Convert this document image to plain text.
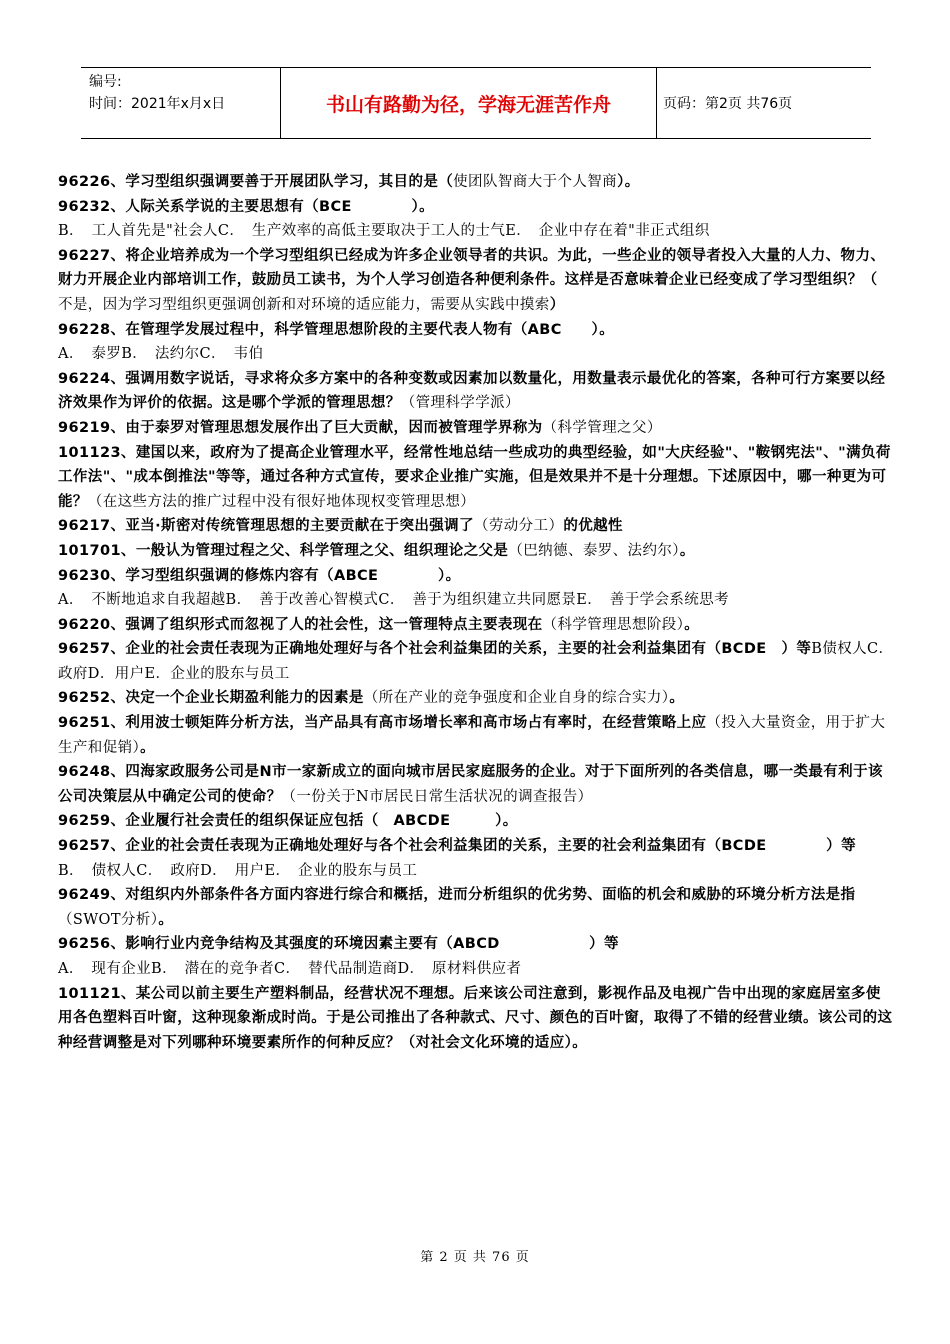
编号:
时间：2021年x月x日	书山有路勤为径，学海无涯苦作舟	页码：第2页 共76页

96226、学习型组织强调要善于开展团队学习，其目的是（使团队智商大于个人智商）。

96232、人际关系学说的主要思想有（BCE　　　　）。

B．　工人首先是"社会人C．　生产效率的高低主要取决于工人的士气E．　企业中存在着"非正式组织

96227、将企业培养成为一个学习型组织已经成为许多企业领导者的共识。为此，一些企业的领导者投入大量的人力、物力、财力开展企业内部培训工作，鼓励员工读书，为个人学习创造各种便利条件。这样是否意味着企业已经变成了学习型组织？（　不是，因为学习型组织更强调创新和对环境的适应能力，需要从实践中摸索）

96228、在管理学发展过程中，科学管理思想阶段的主要代表人物有（ABC　　）。

A．　泰罗B．　法约尔C．　韦伯

96224、强调用数字说话，寻求将众多方案中的各种变数或因素加以数量化，用数量表示最优化的答案，各种可行方案要以经济效果作为评价的依据。这是哪个学派的管理思想？（管理科学学派）

96219、由于泰罗对管理思想发展作出了巨大贡献，因而被管理学界称为（科学管理之父）

101123、建国以来，政府为了提高企业管理水平，经常性地总结一些成功的典型经验，如"大庆经验"、"鞍钢宪法"、"满负荷工作法"、"成本倒推法"等等，通过各种方式宣传，要求企业推广实施，但是效果并不是十分理想。下述原因中，哪一种更为可能？（在这些方法的推广过程中没有很好地体现权变管理思想）

96217、亚当·斯密对传统管理思想的主要贡献在于突出强调了（劳动分工）的优越性

101701、一般认为管理过程之父、科学管理之父、组织理论之父是（巴纳德、泰罗、法约尔）。

96230、学习型组织强调的修炼内容有（ABCE　　　　）。

A．　不断地追求自我超越B．　善于改善心智模式C．　善于为组织建立共同愿景E．　善于学会系统思考

96220、强调了组织形式而忽视了人的社会性，这一管理特点主要表现在（科学管理思想阶段）。

96257、企业的社会责任表现为正确地处理好与各个社会利益集团的关系，主要的社会利益集团有（BCDE　）等B债权人C．政府D．用户E．企业的股东与员工

96252、决定一个企业长期盈利能力的因素是（所在产业的竞争强度和企业自身的综合实力）。

96251、利用波士顿矩阵分析方法，当产品具有高市场增长率和高市场占有率时，在经营策略上应（投入大量资金，用于扩大生产和促销）。

96248、四海家政服务公司是N市一家新成立的面向城市居民家庭服务的企业。对于下面所列的各类信息，哪一类最有利于该公司决策层从中确定公司的使命？（一份关于N市居民日常生活状况的调查报告）

96259、企业履行社会责任的组织保证应包括（　ABCDE　　　）。

96257、企业的社会责任表现为正确地处理好与各个社会利益集团的关系，主要的社会利益集团有（BCDE　　　　）等

B．　债权人C．　政府D．　用户E．　企业的股东与员工

96249、对组织内外部条件各方面内容进行综合和概括，进而分析组织的优劣势、面临的机会和威胁的环境分析方法是指（SWOT分析）。

96256、影响行业内竞争结构及其强度的环境因素主要有（ABCD　　　　　　）等

A．　现有企业B．　潜在的竞争者C．　替代品制造商D．　原材料供应者

101121、某公司以前主要生产塑料制品，经营状况不理想。后来该公司注意到，影视作品及电视广告中出现的家庭居室多使用各色塑料百叶窗，这种现象渐成时尚。于是公司推出了各种款式、尺寸、颜色的百叶窗，取得了不错的经营业绩。该公司的这种经营调整是对下列哪种环境要素所作的何种反应？（对社会文化环境的适应）。

第 2 页 共 76 页
